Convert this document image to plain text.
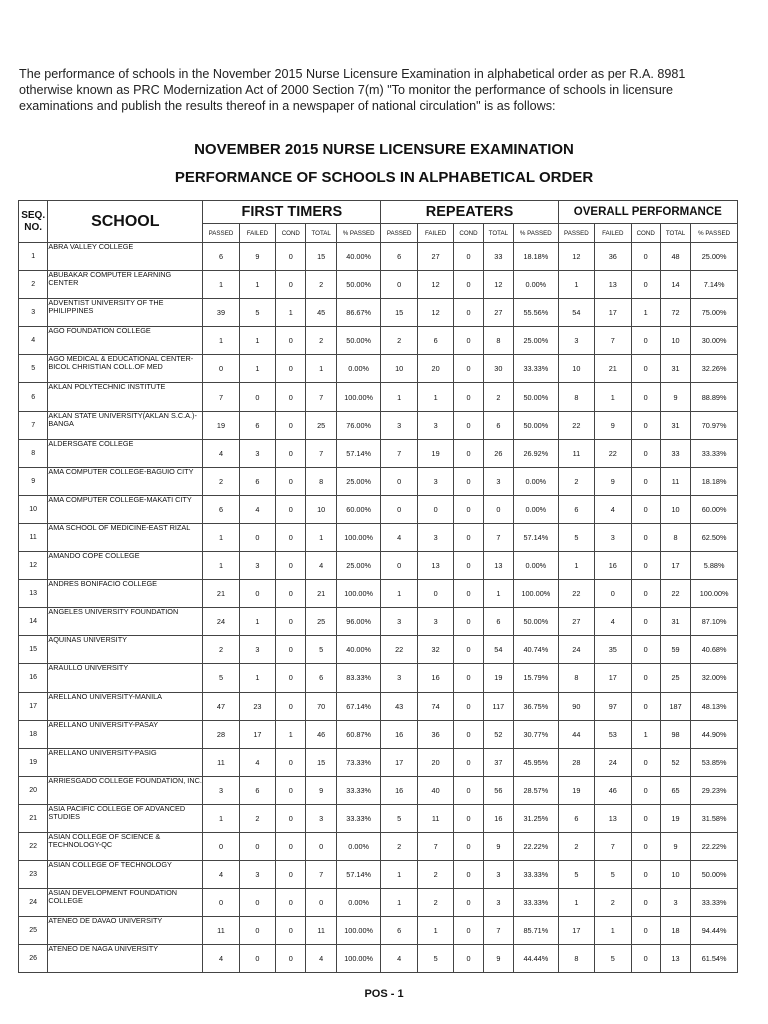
The performance of schools in the November 2015 Nurse Licensure Examination in alphabetical order as per R.A. 8981 otherwise known as PRC Modernization Act of 2000 Section 7(m) "To monitor the performance of schools in licensure examinations and publish the results thereof in a newspaper of national circulation" is as follows:
NOVEMBER 2015 NURSE LICENSURE EXAMINATION
PERFORMANCE OF SCHOOLS IN ALPHABETICAL ORDER
SEQ. NO.	SCHOOL	FIRST TIMERS					REPEATERS					OVERALL PERFORMANCE				
		PASSED	FAILED	COND	TOTAL	% PASSED	PASSED	FAILED	COND	TOTAL	% PASSED	PASSED	FAILED	COND	TOTAL	% PASSED
1	ABRA VALLEY COLLEGE	6	9	0	15	40.00%	6	27	0	33	18.18%	12	36	0	48	25.00%
2	ABUBAKAR COMPUTER LEARNING CENTER	1	1	0	2	50.00%	0	12	0	12	0.00%	1	13	0	14	7.14%
3	ADVENTIST UNIVERSITY OF THE PHILIPPINES	39	5	1	45	86.67%	15	12	0	27	55.56%	54	17	1	72	75.00%
4	AGO FOUNDATION COLLEGE	1	1	0	2	50.00%	2	6	0	8	25.00%	3	7	0	10	30.00%
5	AGO MEDICAL & EDUCATIONAL CENTER-BICOL CHRISTIAN COLL.OF MED	0	1	0	1	0.00%	10	20	0	30	33.33%	10	21	0	31	32.26%
6	AKLAN POLYTECHNIC INSTITUTE	7	0	0	7	100.00%	1	1	0	2	50.00%	8	1	0	9	88.89%
7	AKLAN STATE UNIVERSITY(AKLAN S.C.A.)-BANGA	19	6	0	25	76.00%	3	3	0	6	50.00%	22	9	0	31	70.97%
8	ALDERSGATE COLLEGE	4	3	0	7	57.14%	7	19	0	26	26.92%	11	22	0	33	33.33%
9	AMA COMPUTER COLLEGE-BAGUIO CITY	2	6	0	8	25.00%	0	3	0	3	0.00%	2	9	0	11	18.18%
10	AMA COMPUTER COLLEGE-MAKATI CITY	6	4	0	10	60.00%	0	0	0	0	0.00%	6	4	0	10	60.00%
11	AMA SCHOOL OF MEDICINE-EAST RIZAL	1	0	0	1	100.00%	4	3	0	7	57.14%	5	3	0	8	62.50%
12	AMANDO COPE COLLEGE	1	3	0	4	25.00%	0	13	0	13	0.00%	1	16	0	17	5.88%
13	ANDRES BONIFACIO COLLEGE	21	0	0	21	100.00%	1	0	0	1	100.00%	22	0	0	22	100.00%
14	ANGELES UNIVERSITY FOUNDATION	24	1	0	25	96.00%	3	3	0	6	50.00%	27	4	0	31	87.10%
15	AQUINAS UNIVERSITY	2	3	0	5	40.00%	22	32	0	54	40.74%	24	35	0	59	40.68%
16	ARAULLO UNIVERSITY	5	1	0	6	83.33%	3	16	0	19	15.79%	8	17	0	25	32.00%
17	ARELLANO UNIVERSITY-MANILA	47	23	0	70	67.14%	43	74	0	117	36.75%	90	97	0	187	48.13%
18	ARELLANO UNIVERSITY-PASAY	28	17	1	46	60.87%	16	36	0	52	30.77%	44	53	1	98	44.90%
19	ARELLANO UNIVERSITY-PASIG	11	4	0	15	73.33%	17	20	0	37	45.95%	28	24	0	52	53.85%
20	ARRIESGADO COLLEGE FOUNDATION, INC.	3	6	0	9	33.33%	16	40	0	56	28.57%	19	46	0	65	29.23%
21	ASIA PACIFIC COLLEGE OF ADVANCED STUDIES	1	2	0	3	33.33%	5	11	0	16	31.25%	6	13	0	19	31.58%
22	ASIAN COLLEGE OF SCIENCE & TECHNOLOGY-QC	0	0	0	0	0.00%	2	7	0	9	22.22%	2	7	0	9	22.22%
23	ASIAN COLLEGE OF TECHNOLOGY	4	3	0	7	57.14%	1	2	0	3	33.33%	5	5	0	10	50.00%
24	ASIAN DEVELOPMENT FOUNDATION COLLEGE	0	0	0	0	0.00%	1	2	0	3	33.33%	1	2	0	3	33.33%
25	ATENEO DE DAVAO UNIVERSITY	11	0	0	11	100.00%	6	1	0	7	85.71%	17	1	0	18	94.44%
26	ATENEO DE NAGA UNIVERSITY	4	0	0	4	100.00%	4	5	0	9	44.44%	8	5	0	13	61.54%
POS - 1
